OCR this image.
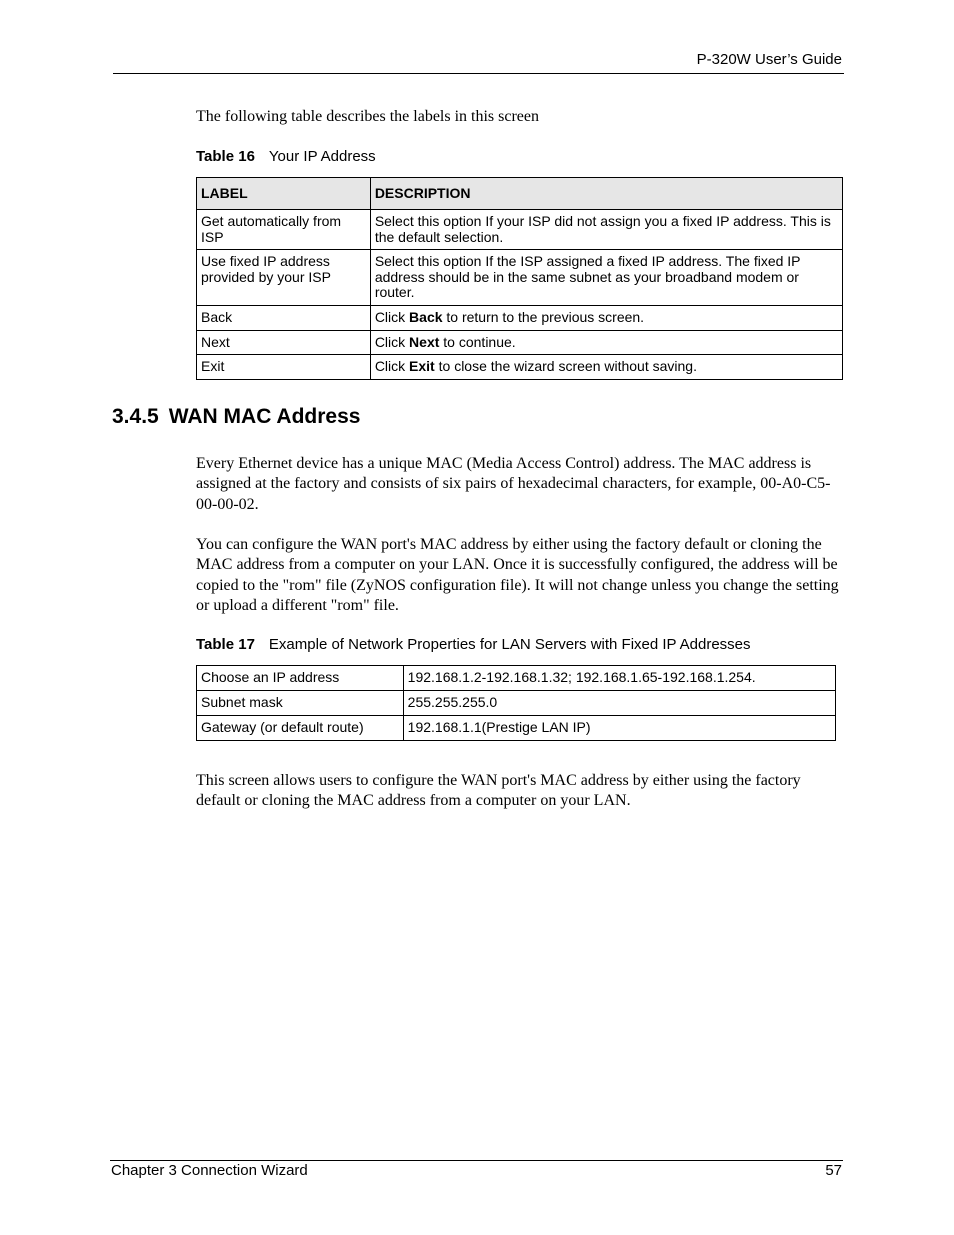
P-320W User’s Guide

The following table describes the labels in this screen

Table 16 Your IP Address
LABEL	DESCRIPTION
Get automatically from ISP	Select this option If your ISP did not assign you a fixed IP address. This is the default selection.
Use fixed IP address provided by your ISP	Select this option If the ISP assigned a fixed IP address. The fixed IP address should be in the same subnet as your broadband modem or router.
Back	Click Back to return to the previous screen.
Next	Click Next to continue.
Exit	Click Exit to close the wizard screen without saving.
3.4.5 WAN MAC Address

Every Ethernet device has a unique MAC (Media Access Control) address. The MAC address is assigned at the factory and consists of six pairs of hexadecimal characters, for example, 00-A0-C5-00-00-02.

You can configure the WAN port's MAC address by either using the factory default or cloning the MAC address from a computer on your LAN. Once it is successfully configured, the address will be copied to the "rom" file (ZyNOS configuration file). It will not change unless you change the setting or upload a different "rom" file.

Table 17 Example of Network Properties for LAN Servers with Fixed IP Addresses
Choose an IP address	192.168.1.2-192.168.1.32; 192.168.1.65-192.168.1.254.
Subnet mask	255.255.255.0
Gateway (or default route)	192.168.1.1(Prestige LAN IP)

This screen allows users to configure the WAN port's MAC address by either using the factory default or cloning the MAC address from a computer on your LAN.

Chapter 3 Connection Wizard	57
